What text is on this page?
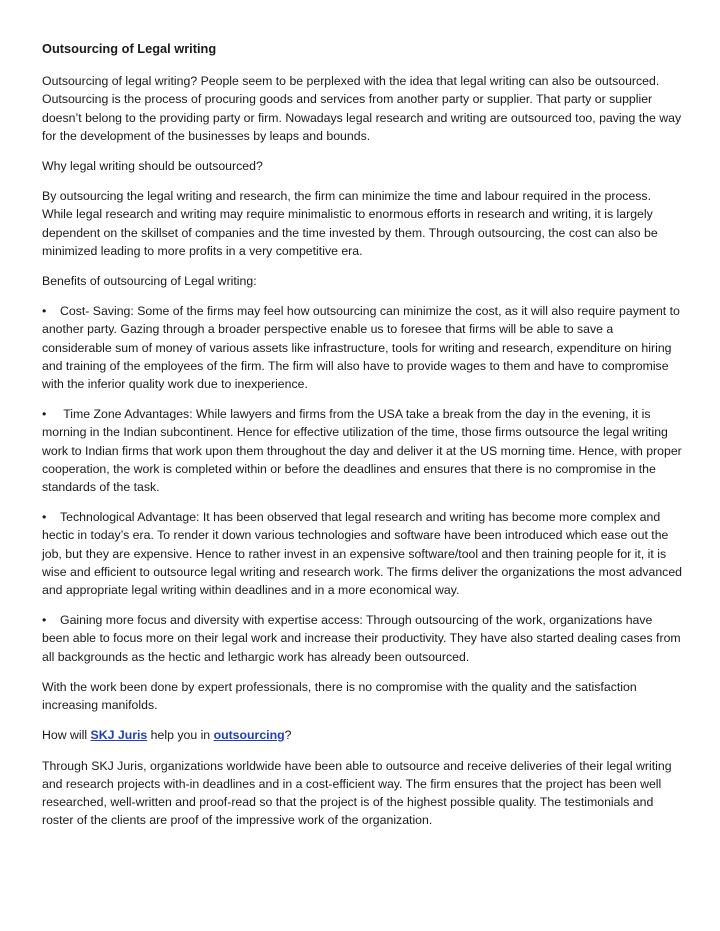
Outsourcing of Legal writing

Outsourcing of legal writing? People seem to be perplexed with the idea that legal writing can also be outsourced. Outsourcing is the process of procuring goods and services from another party or supplier. That party or supplier doesn’t belong to the providing party or firm. Nowadays legal research and writing are outsourced too, paving the way for the development of the businesses by leaps and bounds.

Why legal writing should be outsourced?

By outsourcing the legal writing and research, the firm can minimize the time and labour required in the process. While legal research and writing may require minimalistic to enormous efforts in research and writing, it is largely dependent on the skillset of companies and the time invested by them. Through outsourcing, the cost can also be minimized leading to more profits in a very competitive era.

Benefits of outsourcing of Legal writing:

• Cost- Saving: Some of the firms may feel how outsourcing can minimize the cost, as it will also require payment to another party. Gazing through a broader perspective enable us to foresee that firms will be able to save a considerable sum of money of various assets like infrastructure, tools for writing and research, expenditure on hiring and training of the employees of the firm. The firm will also have to provide wages to them and have to compromise with the inferior quality work due to inexperience.

• Time Zone Advantages: While lawyers and firms from the USA take a break from the day in the evening, it is morning in the Indian subcontinent. Hence for effective utilization of the time, those firms outsource the legal writing work to Indian firms that work upon them throughout the day and deliver it at the US morning time. Hence, with proper cooperation, the work is completed within or before the deadlines and ensures that there is no compromise in the standards of the task.

• Technological Advantage: It has been observed that legal research and writing has become more complex and hectic in today’s era. To render it down various technologies and software have been introduced which ease out the job, but they are expensive. Hence to rather invest in an expensive software/tool and then training people for it, it is wise and efficient to outsource legal writing and research work. The firms deliver the organizations the most advanced and appropriate legal writing within deadlines and in a more economical way.

• Gaining more focus and diversity with expertise access: Through outsourcing of the work, organizations have been able to focus more on their legal work and increase their productivity. They have also started dealing cases from all backgrounds as the hectic and lethargic work has already been outsourced.

With the work been done by expert professionals, there is no compromise with the quality and the satisfaction increasing manifolds.

How will SKJ Juris help you in outsourcing?

Through SKJ Juris, organizations worldwide have been able to outsource and receive deliveries of their legal writing and research projects with-in deadlines and in a cost-efficient way. The firm ensures that the project has been well researched, well-written and proof-read so that the project is of the highest possible quality. The testimonials and roster of the clients are proof of the impressive work of the organization.
